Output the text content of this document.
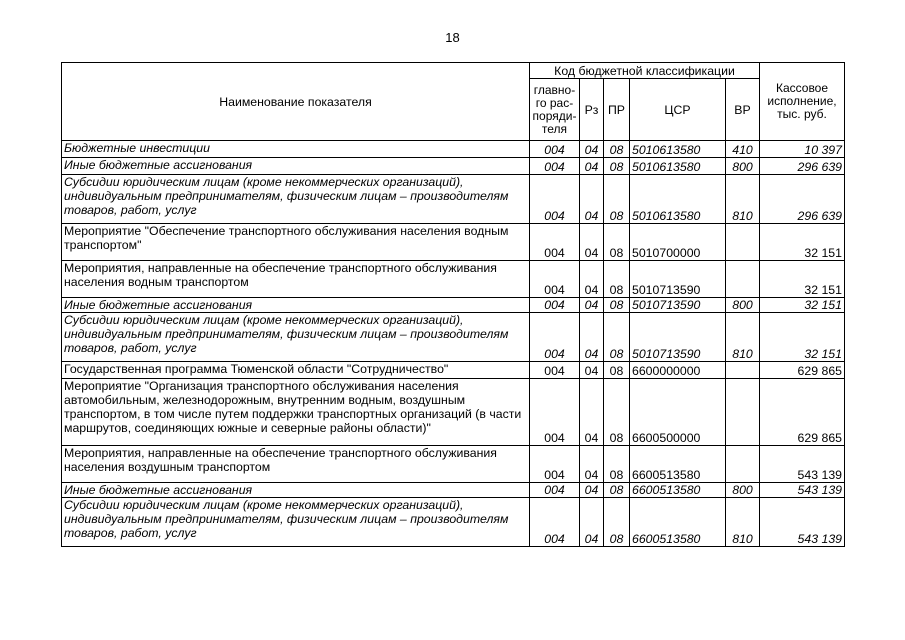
18
Наименование показателя	Код бюджетной классификации					Кассовое исполнение, тыс. руб.
	главно-го рас-поряди-теля	Рз	ПР	ЦСР	ВР	
Бюджетные инвестиции	004	04	08	5010613580	410	10 397
Иные бюджетные ассигнования	004	04	08	5010613580	800	296 639
Субсидии юридическим лицам (кроме некоммерческих организаций), индивидуальным предпринимателям, физическим лицам – производителям товаров, работ, услуг	004	04	08	5010613580	810	296 639
Мероприятие "Обеспечение транспортного обслуживания населения водным транспортом"	004	04	08	5010700000		32 151
Мероприятия, направленные на обеспечение транспортного обслуживания населения водным транспортом	004	04	08	5010713590		32 151
Иные бюджетные ассигнования	004	04	08	5010713590	800	32 151
Субсидии юридическим лицам (кроме некоммерческих организаций), индивидуальным предпринимателям, физическим лицам – производителям товаров, работ, услуг	004	04	08	5010713590	810	32 151
Государственная программа Тюменской области "Сотрудничество"	004	04	08	6600000000		629 865
Мероприятие "Организация транспортного обслуживания населения автомобильным, железнодорожным, внутренним водным, воздушным транспортом, в том числе путем поддержки транспортных организаций (в части маршрутов, соединяющих южные и северные районы области)"	004	04	08	6600500000		629 865
Мероприятия, направленные на обеспечение транспортного обслуживания населения воздушным транспортом	004	04	08	6600513580		543 139
Иные бюджетные ассигнования	004	04	08	6600513580	800	543 139
Субсидии юридическим лицам (кроме некоммерческих организаций), индивидуальным предпринимателям, физическим лицам – производителям товаров, работ, услуг	004	04	08	6600513580	810	543 139
